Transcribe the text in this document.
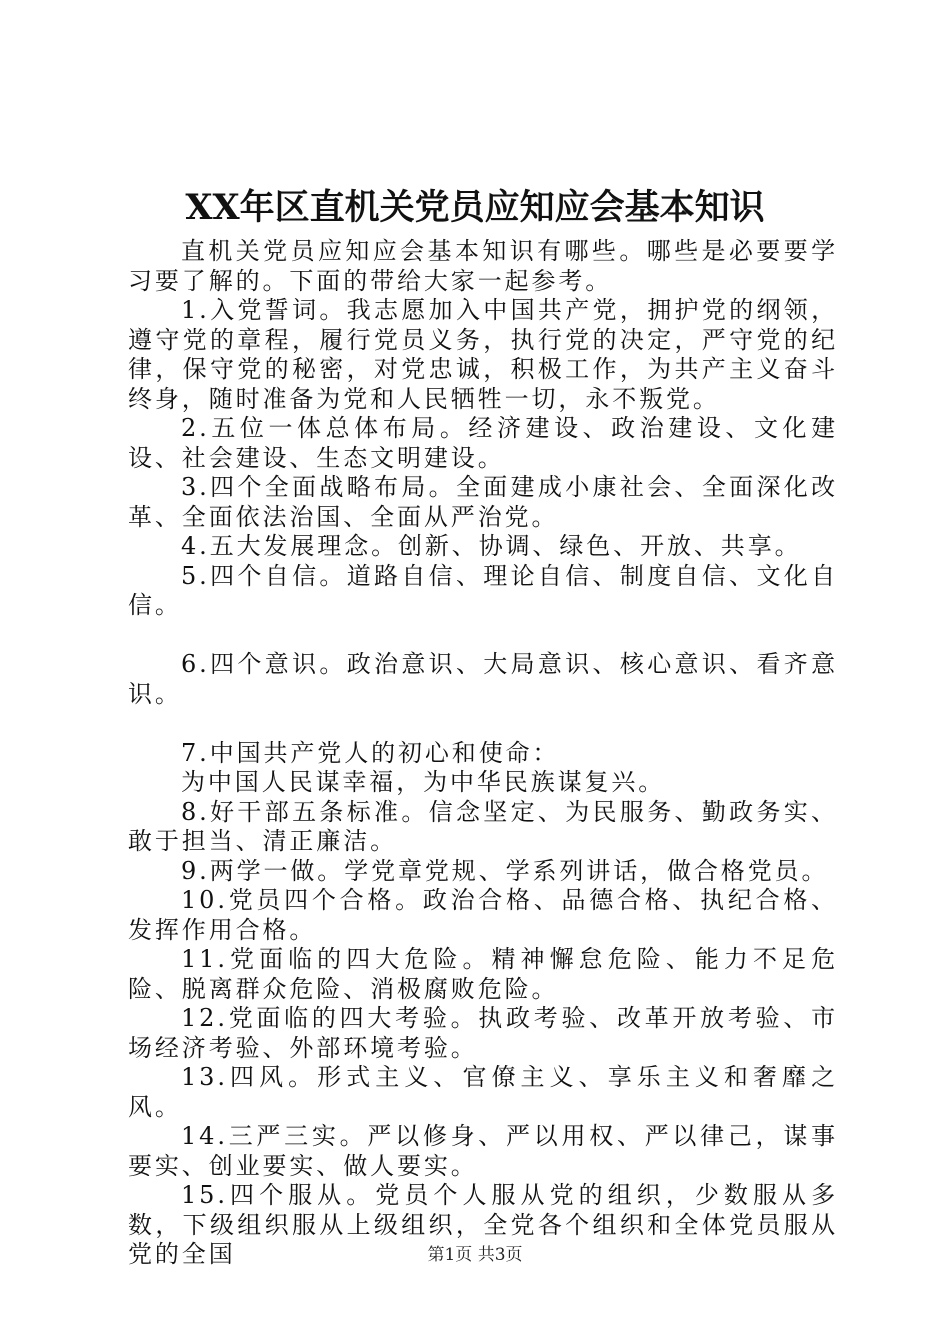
XX年区直机关党员应知应会基本知识

直机关党员应知应会基本知识有哪些。哪些是必要要学习要了解的。下面的带给大家一起参考。

1.入党誓词。我志愿加入中国共产党，拥护党的纲领，遵守党的章程，履行党员义务，执行党的决定，严守党的纪律，保守党的秘密，对党忠诚，积极工作，为共产主义奋斗终身，随时准备为党和人民牺牲一切，永不叛党。

2.五位一体总体布局。经济建设、政治建设、文化建设、社会建设、生态文明建设。

3.四个全面战略布局。全面建成小康社会、全面深化改革、全面依法治国、全面从严治党。

4.五大发展理念。创新、协调、绿色、开放、共享。

5.四个自信。道路自信、理论自信、制度自信、文化自信。

6.四个意识。政治意识、大局意识、核心意识、看齐意识。

7.中国共产党人的初心和使命：

为中国人民谋幸福，为中华民族谋复兴。

8.好干部五条标准。信念坚定、为民服务、勤政务实、敢于担当、清正廉洁。

9.两学一做。学党章党规、学系列讲话，做合格党员。

10.党员四个合格。政治合格、品德合格、执纪合格、发挥作用合格。

11.党面临的四大危险。精神懈怠危险、能力不足危险、脱离群众危险、消极腐败危险。

12.党面临的四大考验。执政考验、改革开放考验、市场经济考验、外部环境考验。

13.四风。形式主义、官僚主义、享乐主义和奢靡之风。

14.三严三实。严以修身、严以用权、严以律己，谋事要实、创业要实、做人要实。

15.四个服从。党员个人服从党的组织，少数服从多数，下级组织服从上级组织，全党各个组织和全体党员服从党的全国	第1页 共3页
